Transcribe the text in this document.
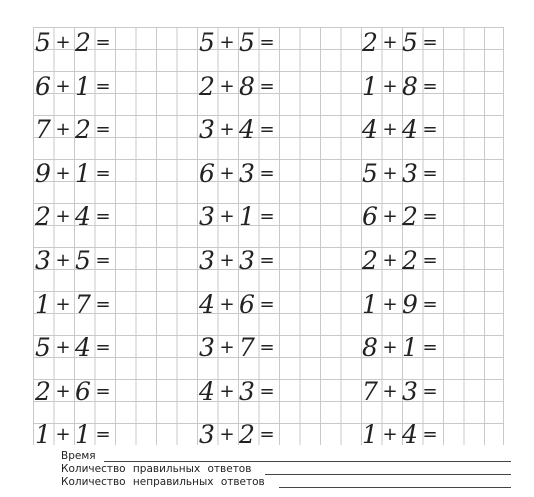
5 + 2 =
6 + 1 =
7 + 2 =
9 + 1 =
2 + 4 =
3 + 5 =
1 + 7 =
5 + 4 =
2 + 6 =
1 + 1 =
5 + 5 =
2 + 8 =
3 + 4 =
6 + 3 =
3 + 1 =
3 + 3 =
4 + 6 =
3 + 7 =
4 + 3 =
3 + 2 =
2 + 5 =
1 + 8 =
4 + 4 =
5 + 3 =
6 + 2 =
2 + 2 =
1 + 9 =
8 + 1 =
7 + 3 =
1 + 4 =
Время
Количество правильных ответов
Количество неправильных ответов
